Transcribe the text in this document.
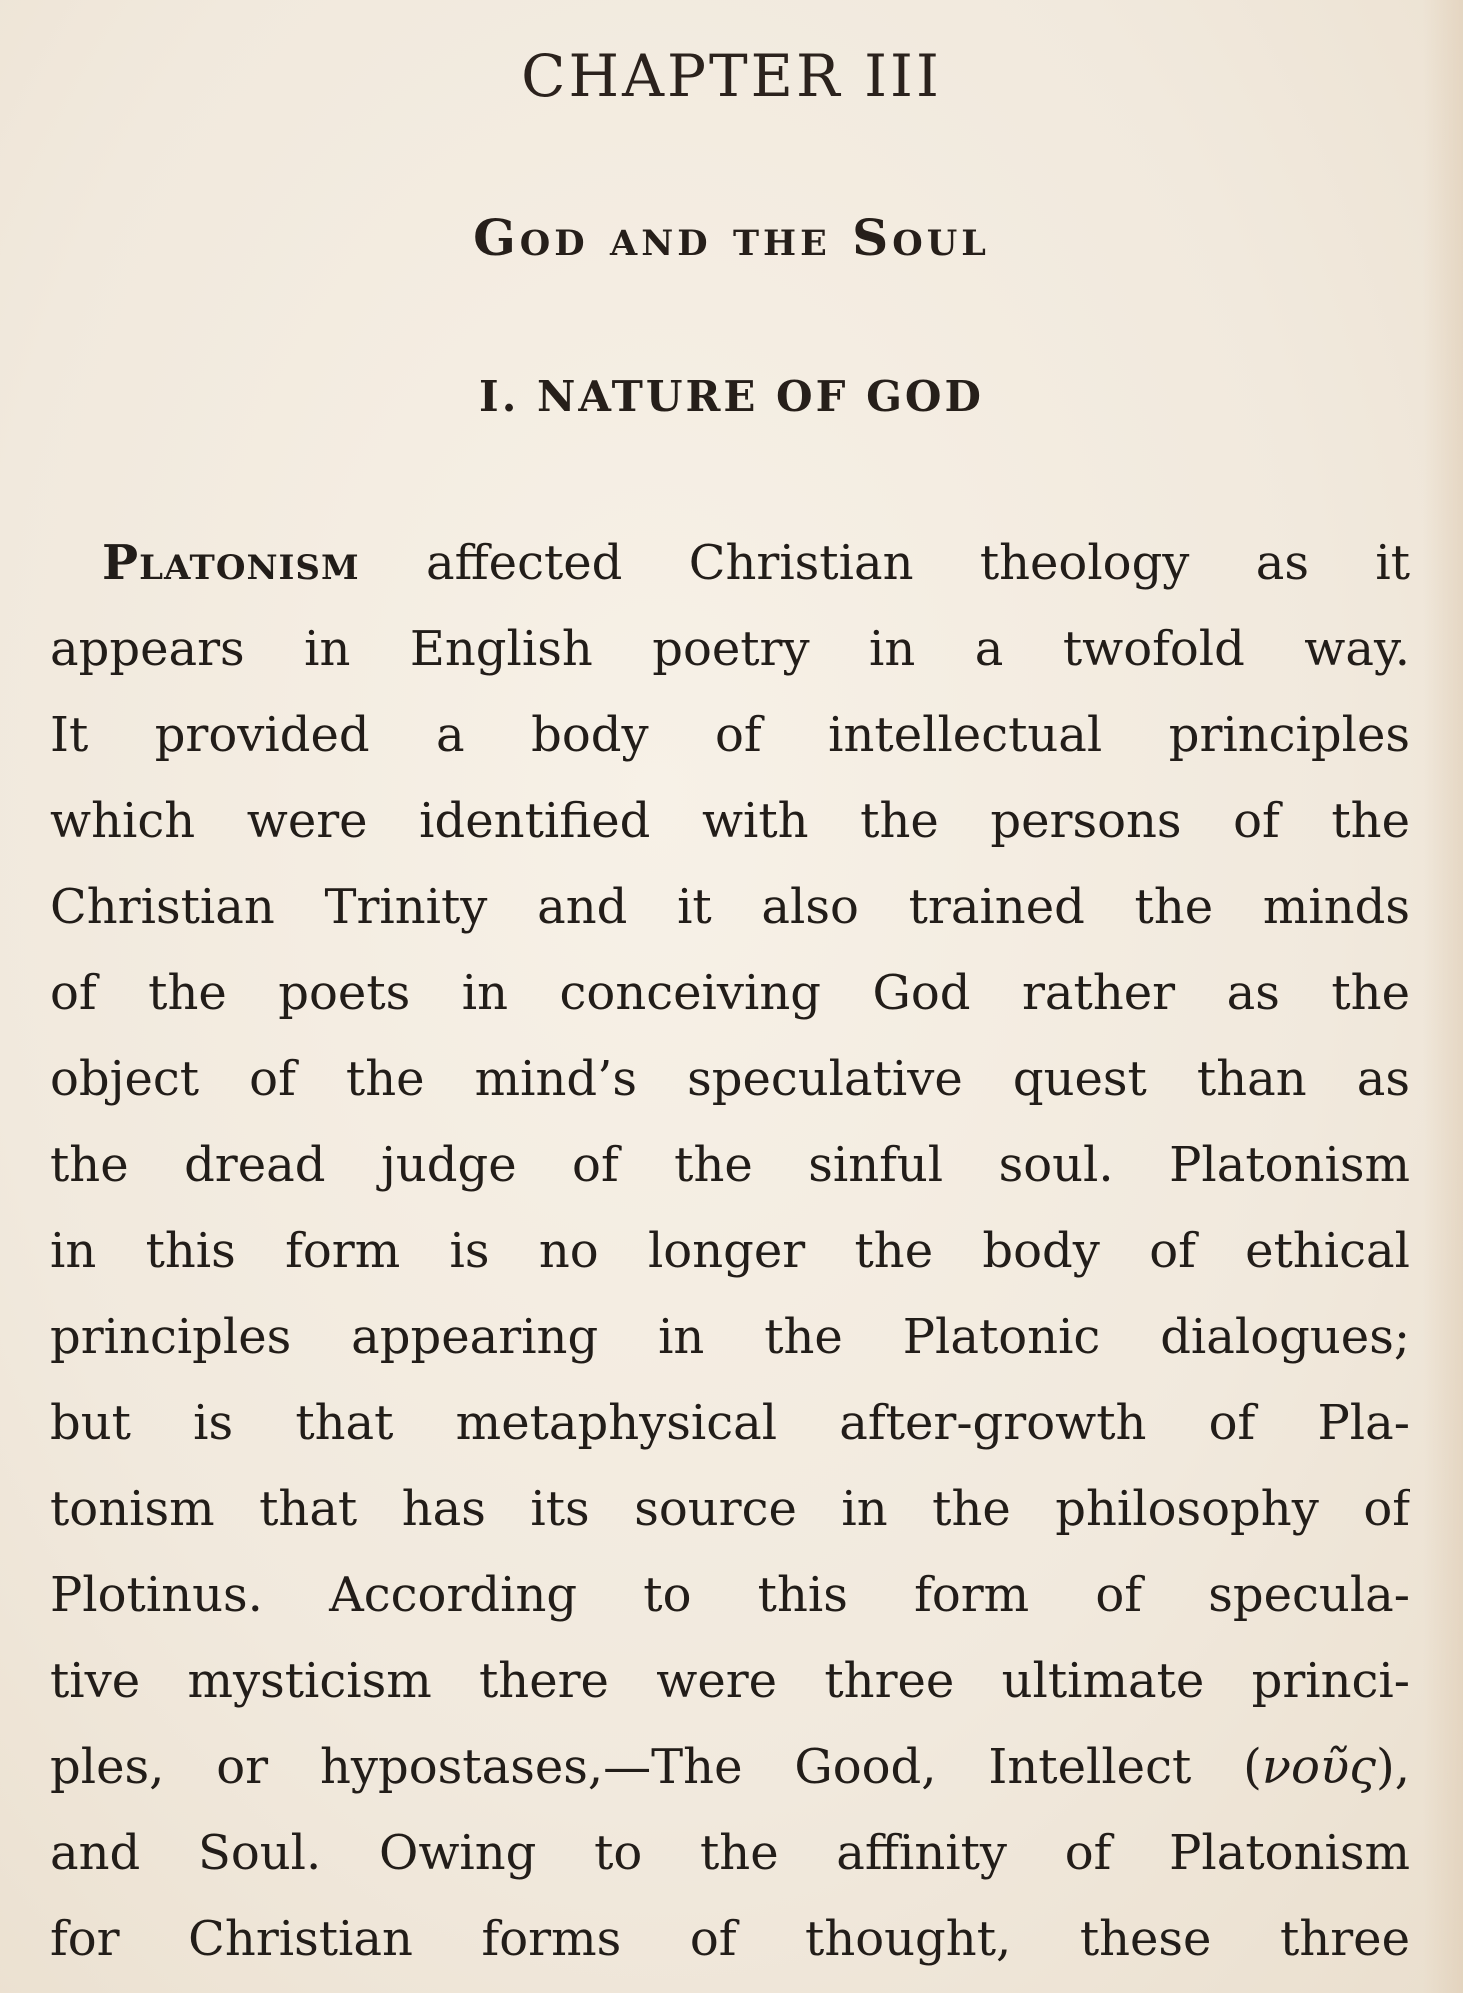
CHAPTER III
God and the Soul
I. NATURE OF GOD
Platonism affected Christian theology as it
appears in English poetry in a twofold way.
It provided a body of intellectual principles
which were identified with the persons of the
Christian Trinity and it also trained the minds
of the poets in conceiving God rather as the
object of the mind’s speculative quest than as
the dread judge of the sinful soul. Platonism
in this form is no longer the body of ethical
principles appearing in the Platonic dialogues;
but is that metaphysical after-growth of Pla-
tonism that has its source in the philosophy of
Plotinus. According to this form of specula-
tive mysticism there were three ultimate princi-
ples, or hypostases,—The Good, Intellect (νοῦς),
and Soul. Owing to the affinity of Platonism
for Christian forms of thought, these three
